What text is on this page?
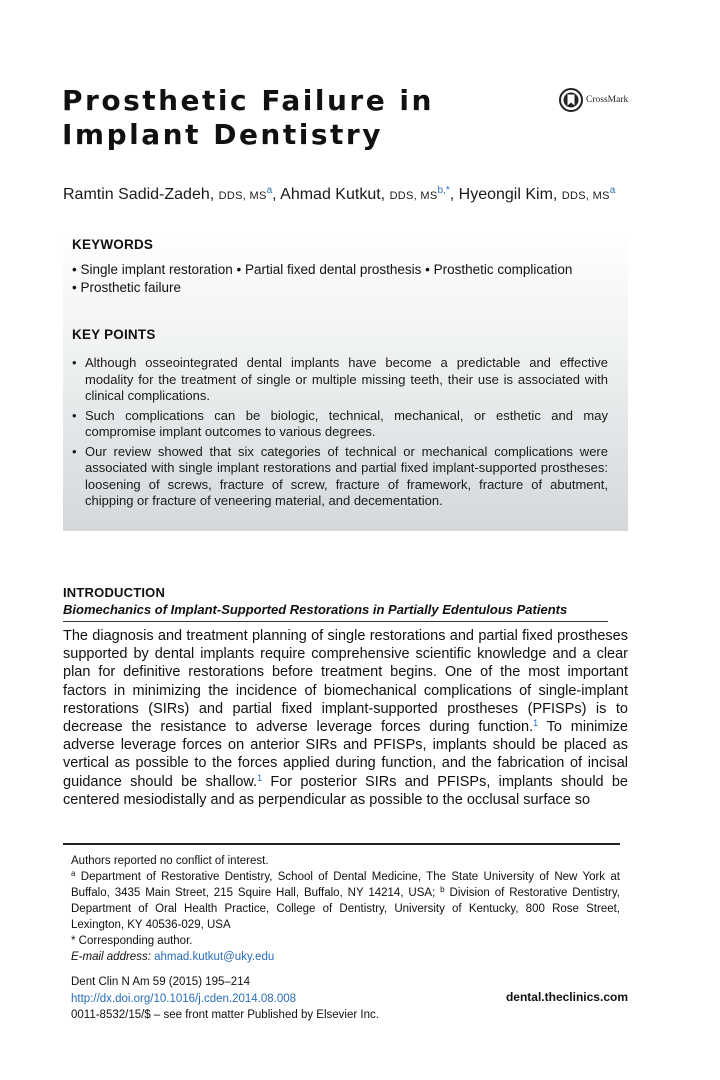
Prosthetic Failure in
Implant Dentistry
CrossMark
Ramtin Sadid-Zadeh, DDS, $MS^a$, Ahmad Kutkut, DDS, $MS^{b,*}$, Hyeongil Kim, DDS, $MS^a$
KEYWORDS
• Single implant restoration • Partial fixed dental prosthesis • Prosthetic complication
• Prosthetic failure
KEY POINTS
• Although osseointegrated dental implants have become a predictable and effective modality for the treatment of single or multiple missing teeth, their use is associated with clinical complications.
• Such complications can be biologic, technical, mechanical, or esthetic and may compromise implant outcomes to various degrees.
• Our review showed that six categories of technical or mechanical complications were associated with single implant restorations and partial fixed implant-supported prostheses: loosening of screws, fracture of screw, fracture of framework, fracture of abutment, chipping or fracture of veneering material, and decementation.
INTRODUCTION
Biomechanics of Implant-Supported Restorations in Partially Edentulous Patients
The diagnosis and treatment planning of single restorations and partial fixed prostheses supported by dental implants require comprehensive scientific knowledge and a clear plan for definitive restorations before treatment begins. One of the most important factors in minimizing the incidence of biomechanical complications of single-implant restorations (SIRs) and partial fixed implant-supported prostheses (PFISPs) is to decrease the resistance to adverse leverage forces during function.$^1$ To minimize adverse leverage forces on anterior SIRs and PFISPs, implants should be placed as vertical as possible to the forces applied during function, and the fabrication of incisal guidance should be shallow.$^1$ For posterior SIRs and PFISPs, implants should be centered mesiodistally and as perpendicular as possible to the occlusal surface so
Authors reported no conflict of interest.
$^a$ Department of Restorative Dentistry, School of Dental Medicine, The State University of New York at Buffalo, 3435 Main Street, 215 Squire Hall, Buffalo, NY 14214, USA; $^b$ Division of Restorative Dentistry, Department of Oral Health Practice, College of Dentistry, University of Kentucky, 800 Rose Street, Lexington, KY 40536-029, USA
* Corresponding author.
E-mail address: ahmad.kutkut@uky.edu
Dent Clin N Am 59 (2015) 195–214
http://dx.doi.org/10.1016/j.cden.2014.08.008
0011-8532/15/$ – see front matter Published by Elsevier Inc.
dental.theclinics.com
